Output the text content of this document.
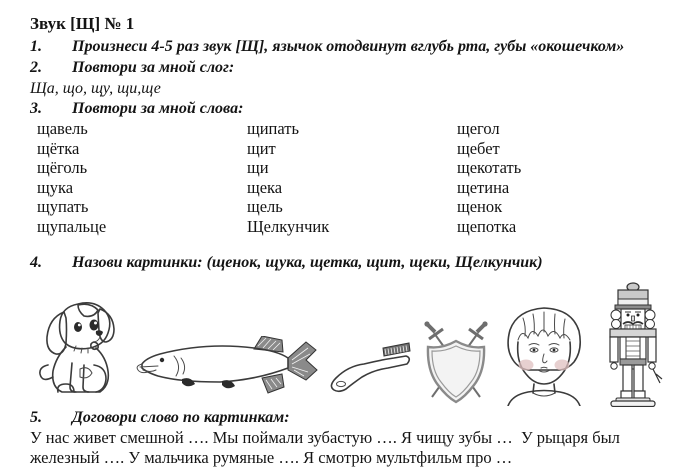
Звук [Щ] № 1
1. Произнеси 4-5 раз звук [Щ], язычок отодвинут вглубь рта, губы «окошечком»
2. Повтори за мной слог:
Ща, що, щу, щи,ще
3. Повтори за мной слова:
щавель
щётка
щёголь
щука
щупать
щупальце
щипать
щит
щи
щека
щель
Щелкунчик
щегол
щебет
щекотать
щетина
щенок
щепотка
4. Назови картинки: (щенок, щука, щетка, щит, щеки, Щелкунчик)
5. Договори слово по картинкам:
У нас живет смешной …. Мы поймали зубастую …. Я чищу зубы …  У рыцаря был
железный …. У мальчика румяные …. Я смотрю мультфильм про …
